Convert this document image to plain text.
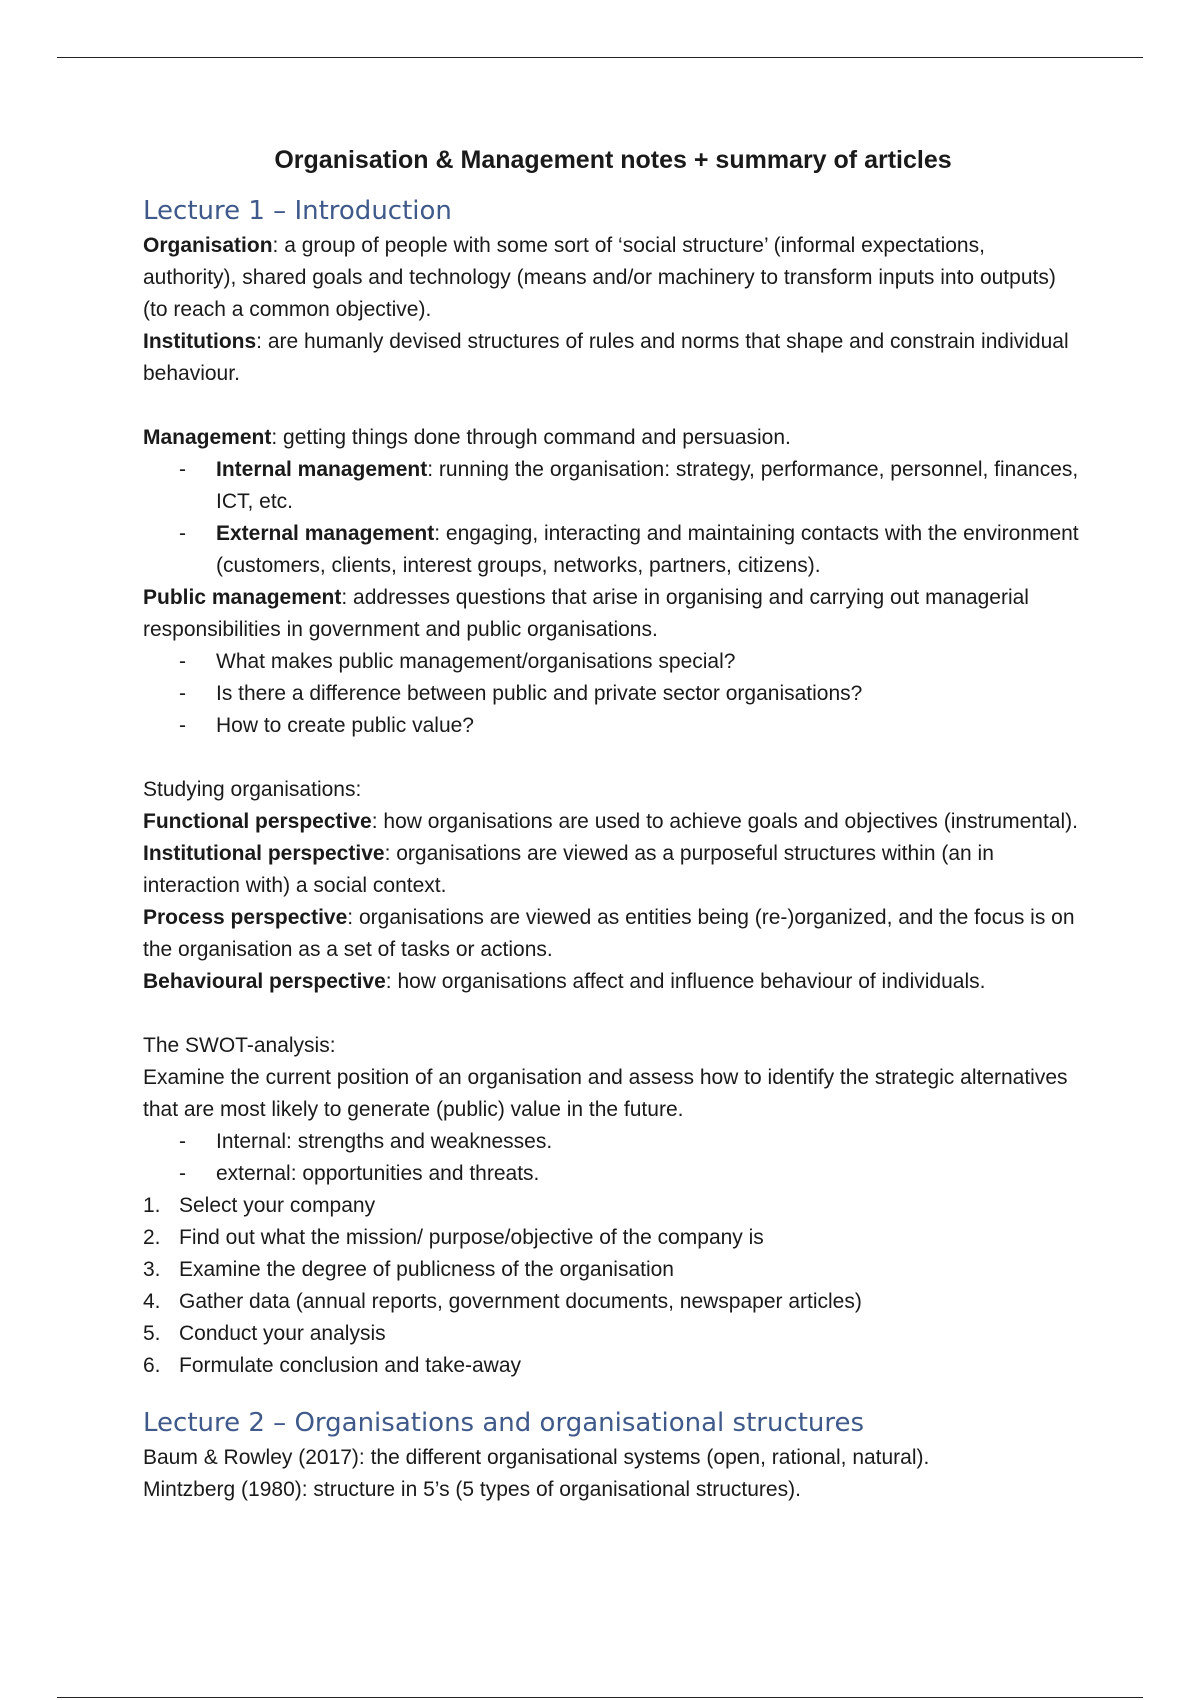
Organisation & Management notes + summary of articles
Lecture 1 – Introduction

Organisation: a group of people with some sort of ‘social structure’ (informal expectations, authority), shared goals and technology (means and/or machinery to transform inputs into outputs) (to reach a common objective).

Institutions: are humanly devised structures of rules and norms that shape and constrain individual behaviour.

Management: getting things done through command and persuasion.

- Internal management: running the organisation: strategy, performance, personnel, finances, ICT, etc.
- External management: engaging, interacting and maintaining contacts with the environment (customers, clients, interest groups, networks, partners, citizens).

Public management: addresses questions that arise in organising and carrying out managerial responsibilities in government and public organisations.

- What makes public management/organisations special?
- Is there a difference between public and private sector organisations?
- How to create public value?

Studying organisations:

Functional perspective: how organisations are used to achieve goals and objectives (instrumental).

Institutional perspective: organisations are viewed as a purposeful structures within (an in interaction with) a social context.

Process perspective: organisations are viewed as entities being (re-)organized, and the focus is on the organisation as a set of tasks or actions.

Behavioural perspective: how organisations affect and influence behaviour of individuals.

The SWOT-analysis:

Examine the current position of an organisation and assess how to identify the strategic alternatives that are most likely to generate (public) value in the future.

- Internal: strengths and weaknesses.
- external: opportunities and threats.
1. Select your company
2. Find out what the mission/ purpose/objective of the company is
3. Examine the degree of publicness of the organisation
4. Gather data (annual reports, government documents, newspaper articles)
5. Conduct your analysis
6. Formulate conclusion and take-away
Lecture 2 – Organisations and organisational structures

Baum & Rowley (2017): the different organisational systems (open, rational, natural).

Mintzberg (1980): structure in 5’s (5 types of organisational structures).
